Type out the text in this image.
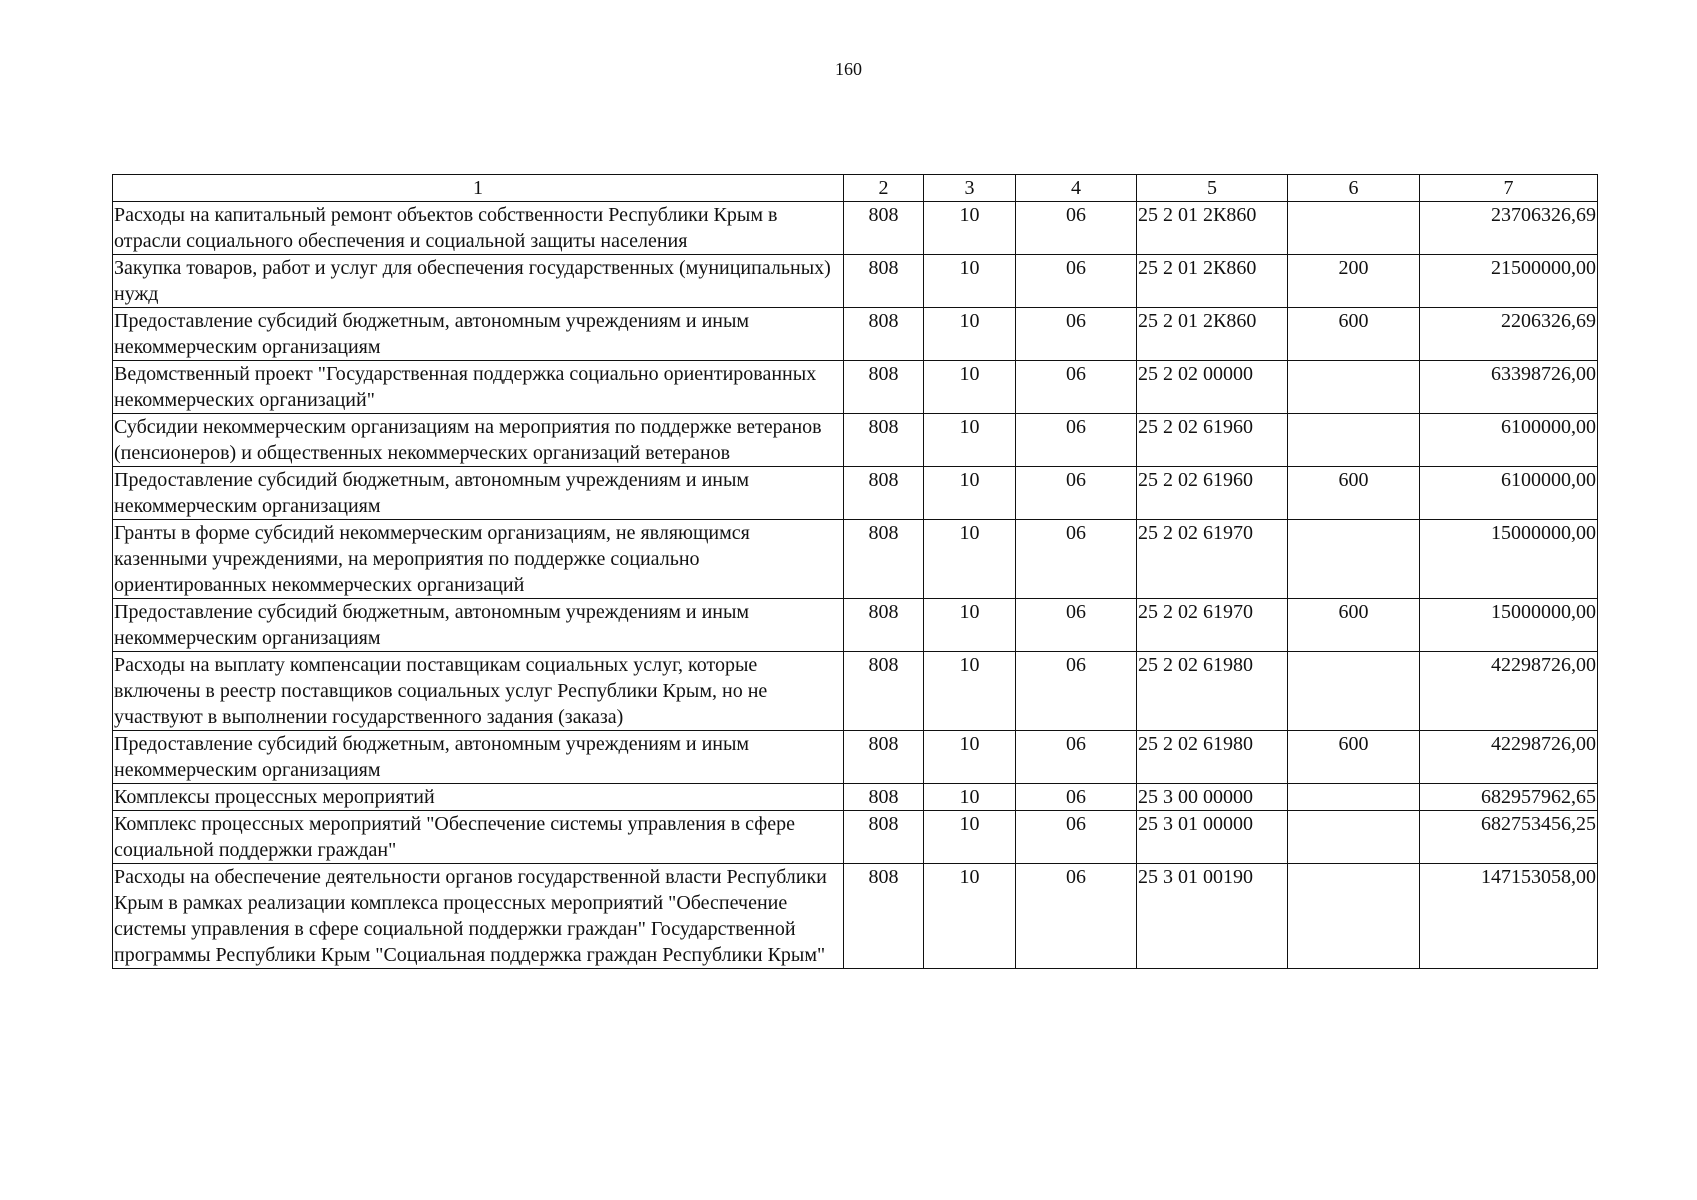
160
1	2	3	4	5	6	7
Расходы на капитальный ремонт объектов собственности Республики Крым в отрасли социального обеспечения и социальной защиты населения	808	10	06	25 2 01 2К860		23706326,69
Закупка товаров, работ и услуг для обеспечения государственных (муниципальных) нужд	808	10	06	25 2 01 2К860	200	21500000,00
Предоставление субсидий бюджетным, автономным учреждениям и иным некоммерческим организациям	808	10	06	25 2 01 2К860	600	2206326,69
Ведомственный проект "Государственная поддержка социально ориентированных некоммерческих организаций"	808	10	06	25 2 02 00000		63398726,00
Субсидии некоммерческим организациям на мероприятия по поддержке ветеранов (пенсионеров) и общественных некоммерческих организаций ветеранов	808	10	06	25 2 02 61960		6100000,00
Предоставление субсидий бюджетным, автономным учреждениям и иным некоммерческим организациям	808	10	06	25 2 02 61960	600	6100000,00
Гранты в форме субсидий некоммерческим организациям, не являющимся казенными учреждениями, на мероприятия по поддержке социально ориентированных некоммерческих организаций	808	10	06	25 2 02 61970		15000000,00
Предоставление субсидий бюджетным, автономным учреждениям и иным некоммерческим организациям	808	10	06	25 2 02 61970	600	15000000,00
Расходы на выплату компенсации поставщикам социальных услуг, которые включены в реестр поставщиков социальных услуг Республики Крым, но не участвуют в выполнении государственного задания (заказа)	808	10	06	25 2 02 61980		42298726,00
Предоставление субсидий бюджетным, автономным учреждениям и иным некоммерческим организациям	808	10	06	25 2 02 61980	600	42298726,00
Комплексы процессных мероприятий	808	10	06	25 3 00 00000		682957962,65
Комплекс процессных мероприятий "Обеспечение системы управления в сфере социальной поддержки граждан"	808	10	06	25 3 01 00000		682753456,25
Расходы на обеспечение деятельности органов государственной власти Республики Крым в рамках реализации комплекса процессных мероприятий "Обеспечение системы управления в сфере социальной поддержки граждан" Государственной программы Республики Крым "Социальная поддержка граждан Республики Крым"	808	10	06	25 3 01 00190		147153058,00
